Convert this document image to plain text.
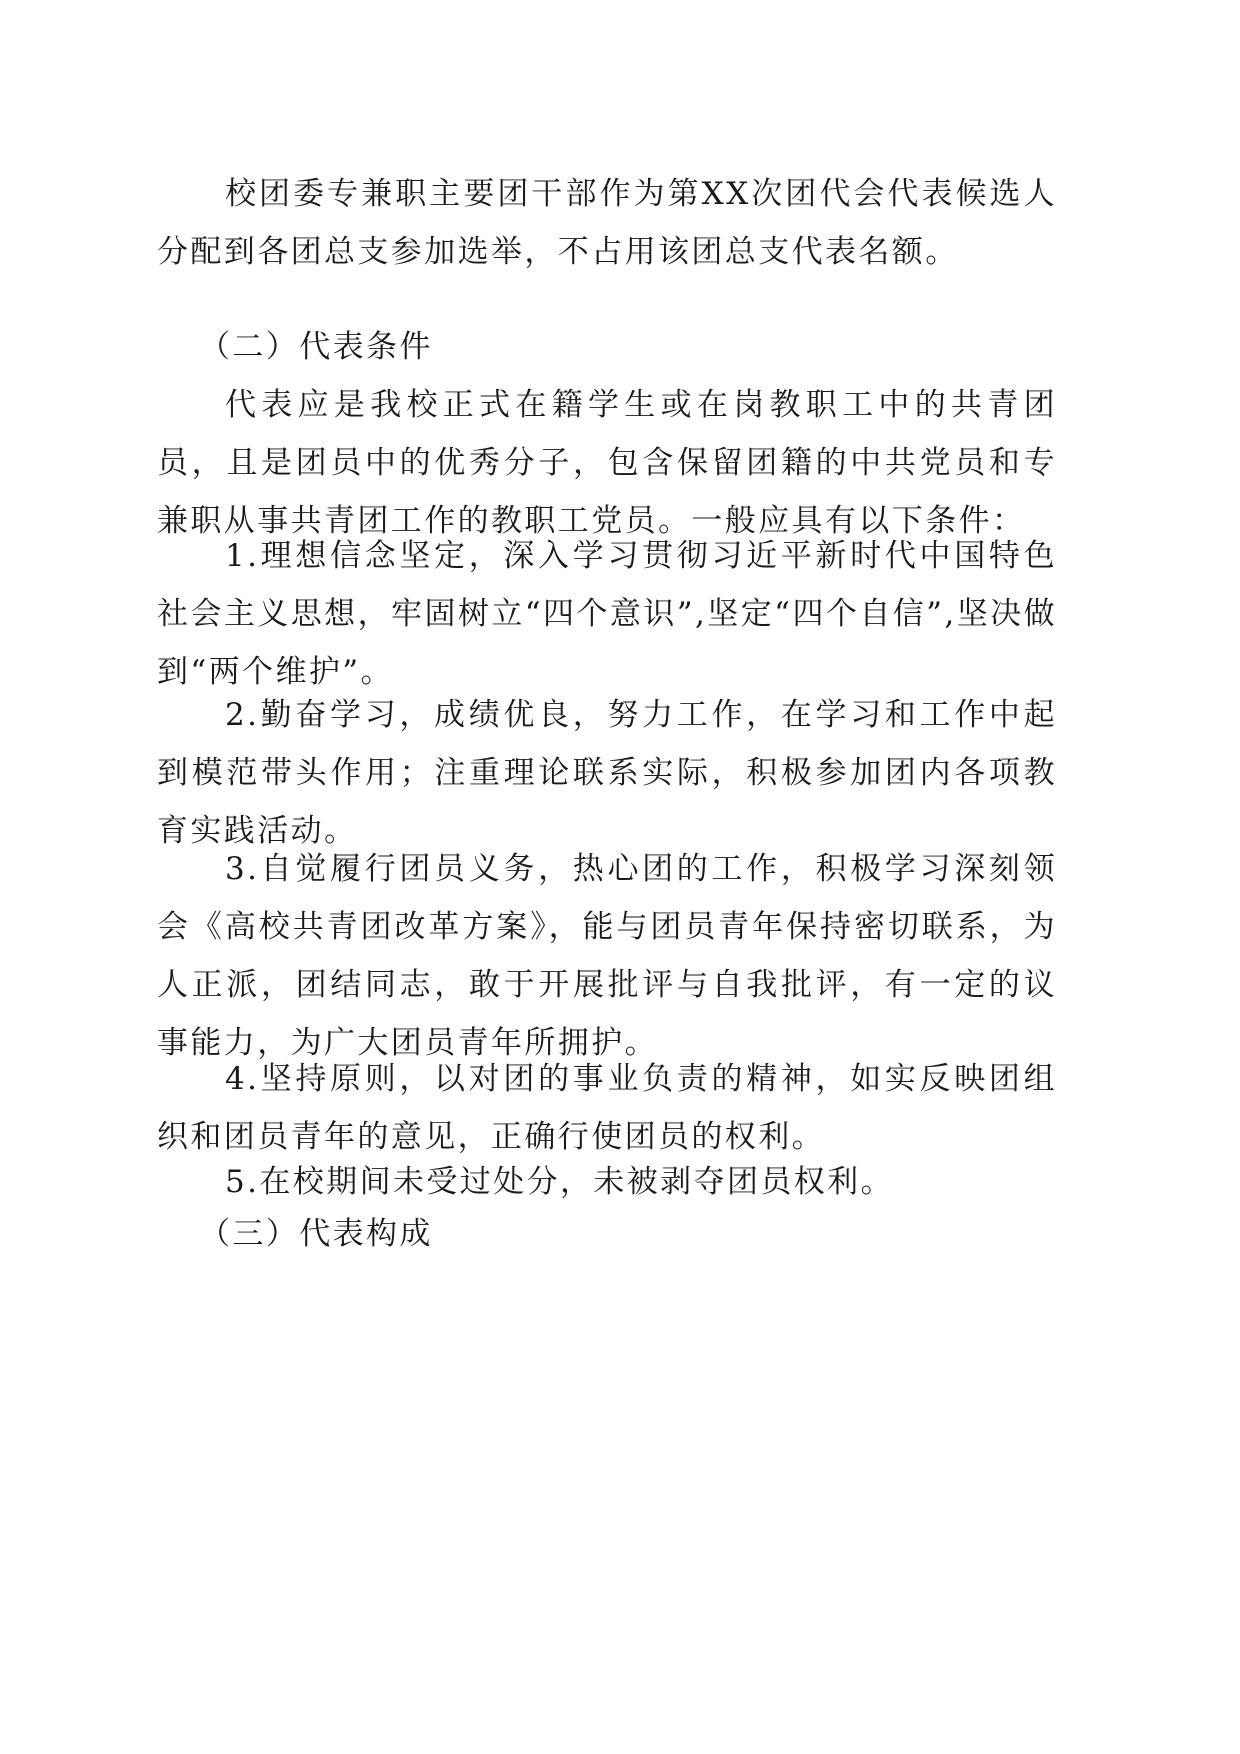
校团委专兼职主要团干部作为第XX次团代会代表候选人分配到各团总支参加选举，不占用该团总支代表名额。

（二）代表条件

代表应是我校正式在籍学生或在岗教职工中的共青团员，且是团员中的优秀分子，包含保留团籍的中共党员和专兼职从事共青团工作的教职工党员。一般应具有以下条件：

1.理想信念坚定，深入学习贯彻习近平新时代中国特色社会主义思想，牢固树立“四个意识”,坚定“四个自信”,坚决做到“两个维护”。

2.勤奋学习，成绩优良，努力工作，在学习和工作中起到模范带头作用；注重理论联系实际，积极参加团内各项教育实践活动。

3.自觉履行团员义务，热心团的工作，积极学习深刻领会《高校共青团改革方案》，能与团员青年保持密切联系，为人正派，团结同志，敢于开展批评与自我批评，有一定的议事能力，为广大团员青年所拥护。

4.坚持原则，以对团的事业负责的精神，如实反映团组织和团员青年的意见，正确行使团员的权利。

5.在校期间未受过处分，未被剥夺团员权利。

（三）代表构成
